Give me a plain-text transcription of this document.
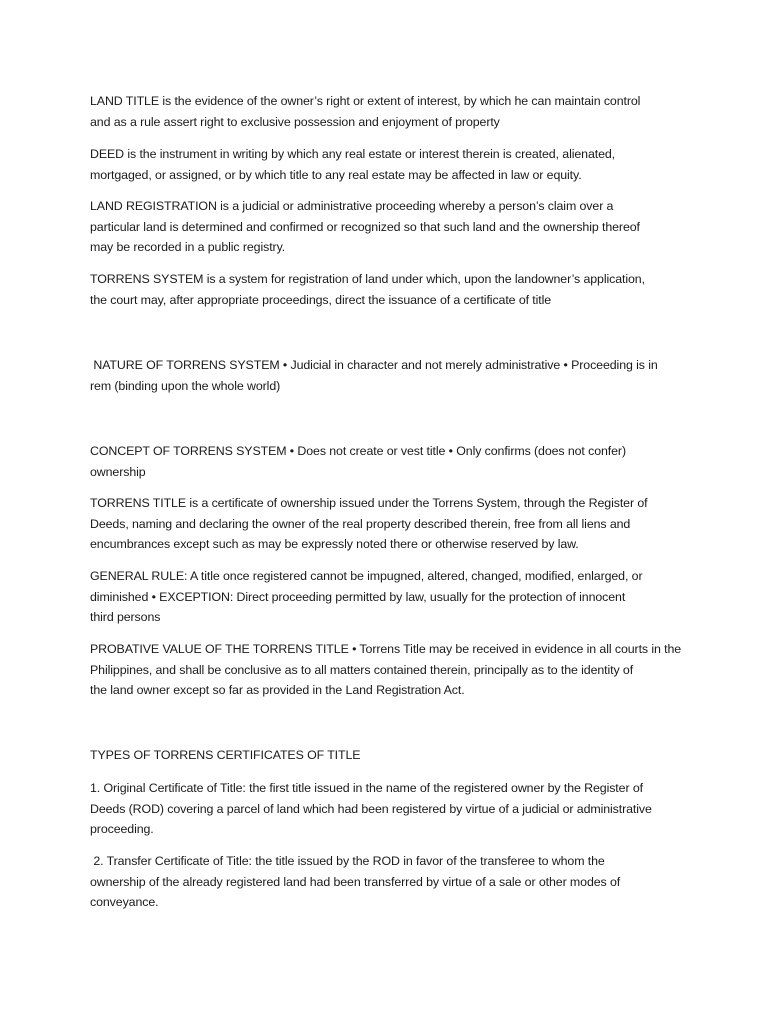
LAND TITLE is the evidence of the owner’s right or extent of interest, by which he can maintain control
and as a rule assert right to exclusive possession and enjoyment of property

DEED is the instrument in writing by which any real estate or interest therein is created, alienated,
mortgaged, or assigned, or by which title to any real estate may be affected in law or equity.

LAND REGISTRATION is a judicial or administrative proceeding whereby a person’s claim over a
particular land is determined and confirmed or recognized so that such land and the ownership thereof
may be recorded in a public registry.

TORRENS SYSTEM is a system for registration of land under which, upon the landowner’s application,
the court may, after appropriate proceedings, direct the issuance of a certificate of title

NATURE OF TORRENS SYSTEM • Judicial in character and not merely administrative • Proceeding is in
rem (binding upon the whole world)

CONCEPT OF TORRENS SYSTEM • Does not create or vest title • Only confirms (does not confer)
ownership

TORRENS TITLE is a certificate of ownership issued under the Torrens System, through the Register of
Deeds, naming and declaring the owner of the real property described therein, free from all liens and
encumbrances except such as may be expressly noted there or otherwise reserved by law.

GENERAL RULE: A title once registered cannot be impugned, altered, changed, modified, enlarged, or
diminished • EXCEPTION: Direct proceeding permitted by law, usually for the protection of innocent
third persons

PROBATIVE VALUE OF THE TORRENS TITLE • Torrens Title may be received in evidence in all courts in the
Philippines, and shall be conclusive as to all matters contained therein, principally as to the identity of
the land owner except so far as provided in the Land Registration Act.

TYPES OF TORRENS CERTIFICATES OF TITLE

1. Original Certificate of Title: the first title issued in the name of the registered owner by the Register of
Deeds (ROD) covering a parcel of land which had been registered by virtue of a judicial or administrative
proceeding.

2. Transfer Certificate of Title: the title issued by the ROD in favor of the transferee to whom the
ownership of the already registered land had been transferred by virtue of a sale or other modes of
conveyance.
